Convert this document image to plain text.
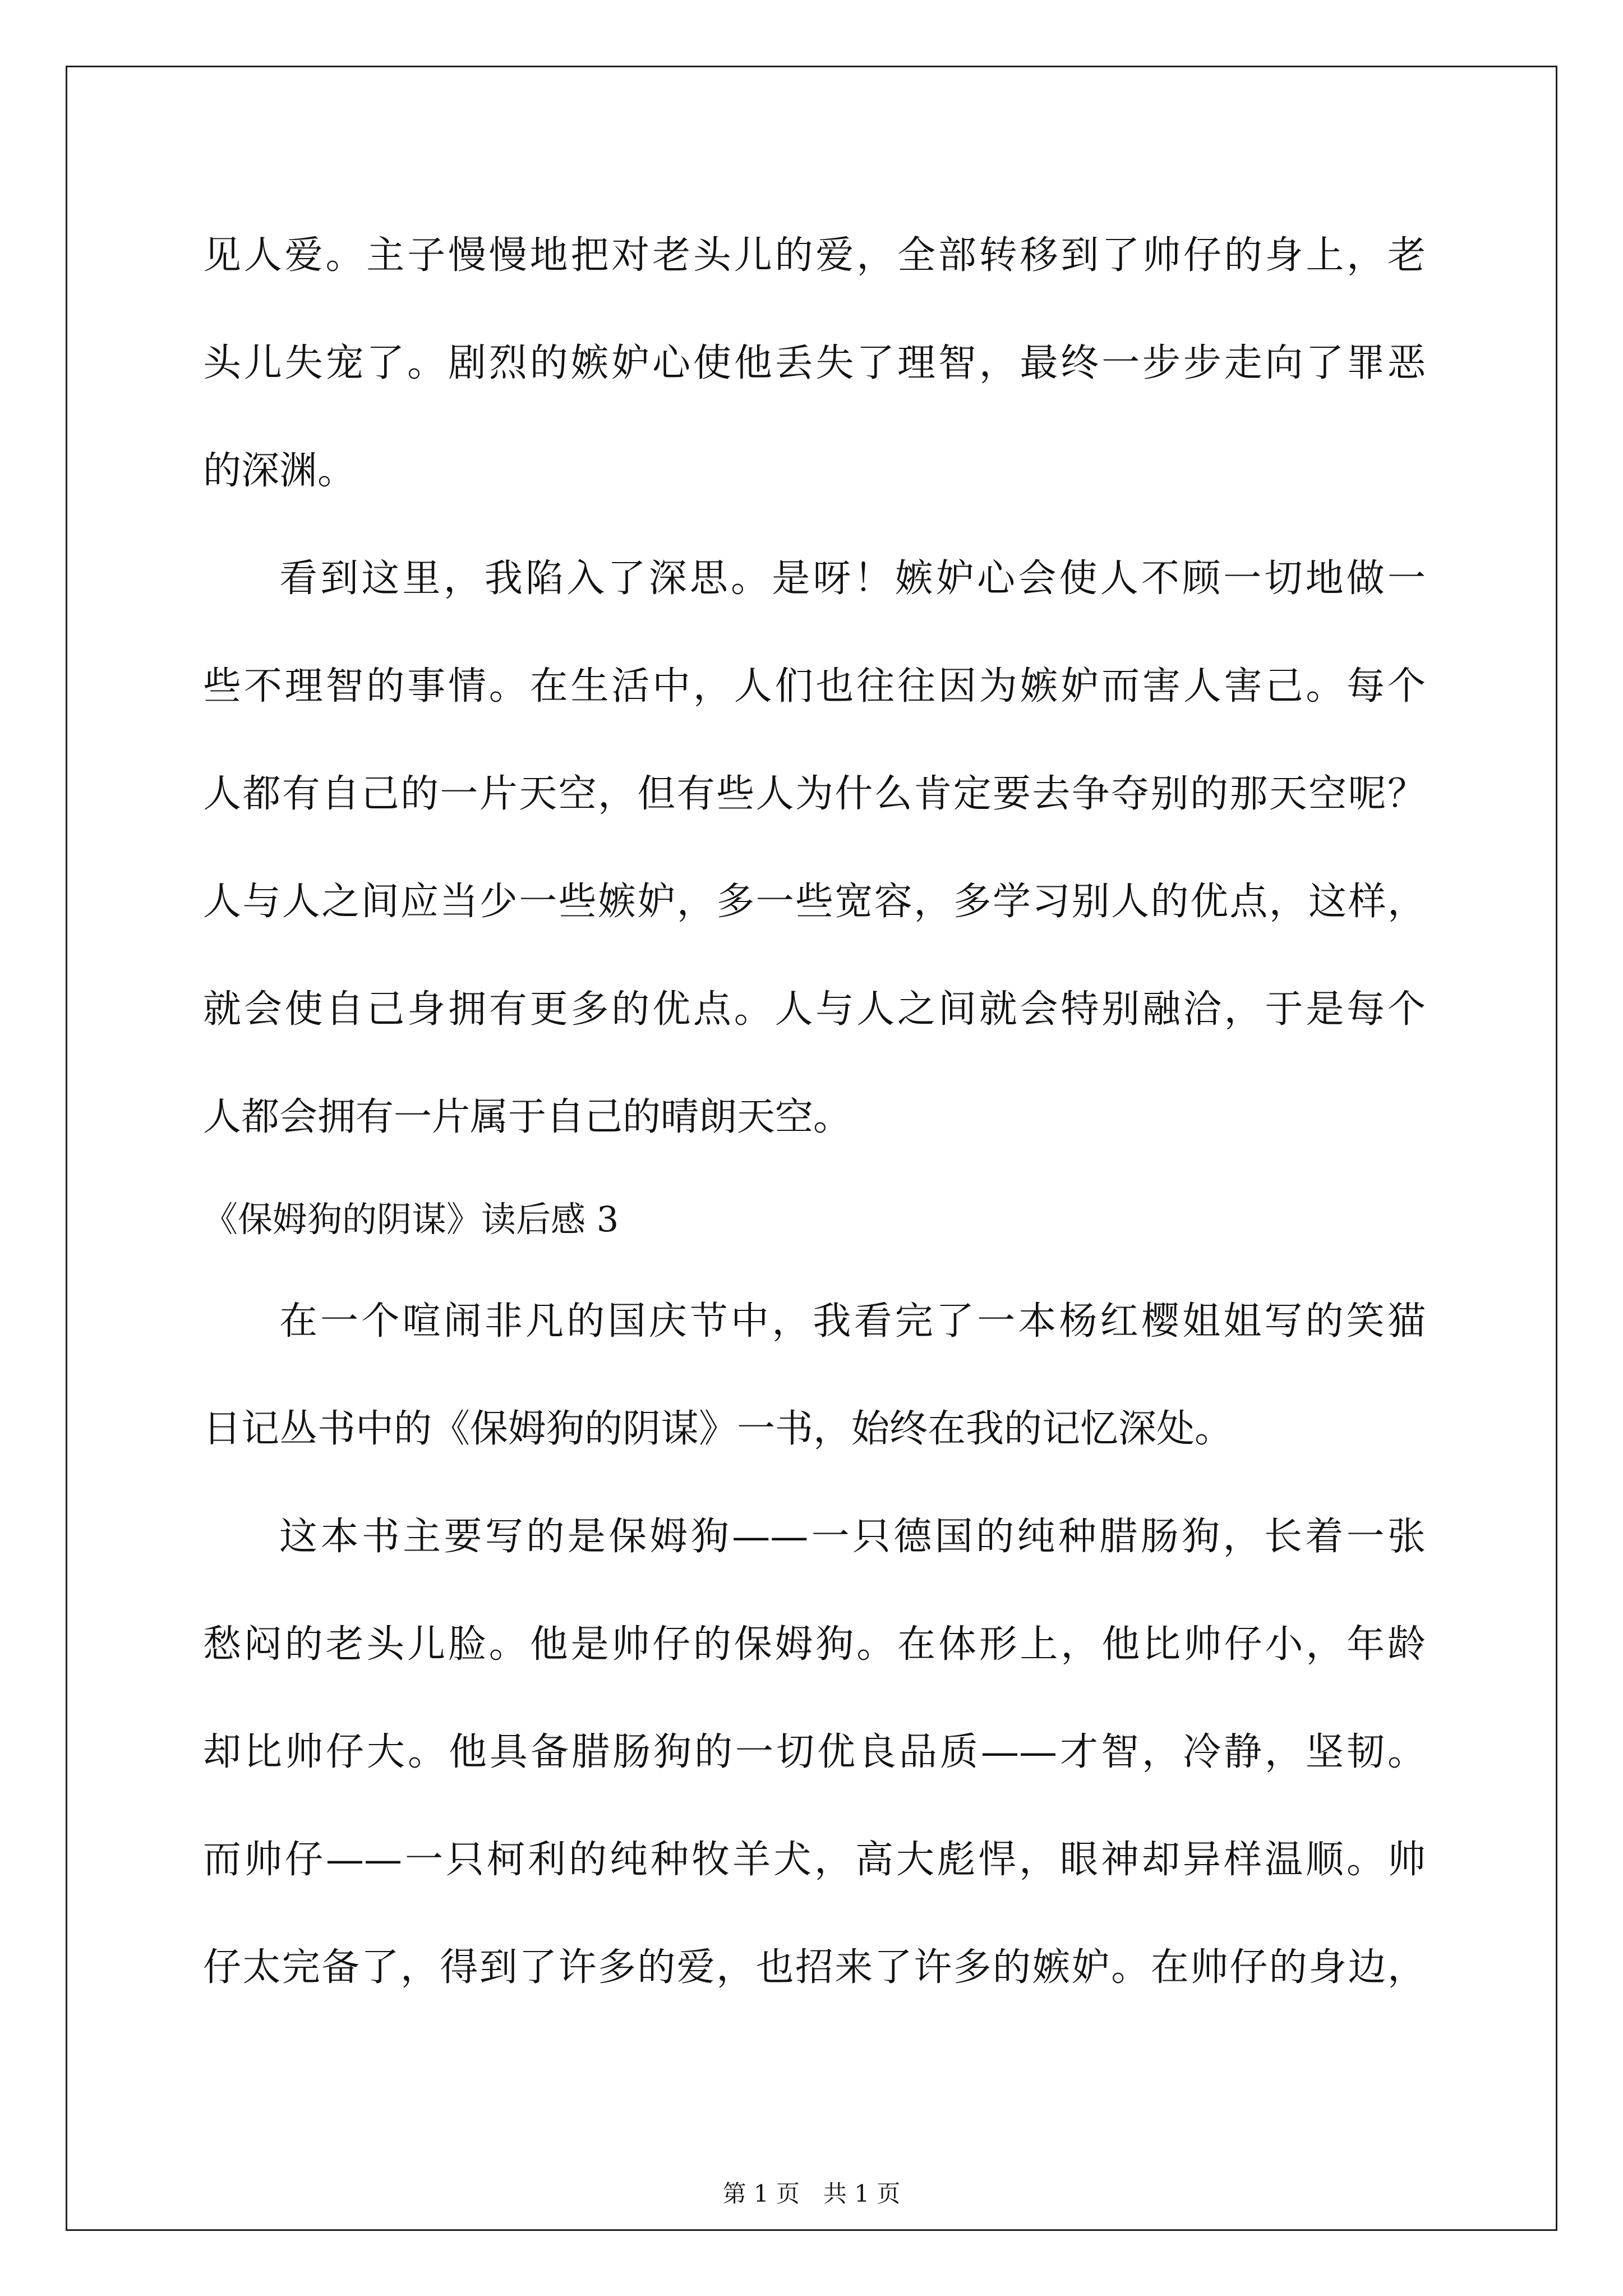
见人爱。主子慢慢地把对老头儿的爱，全部转移到了帅仔的身上，老
头儿失宠了。剧烈的嫉妒心使他丢失了理智，最终一步步走向了罪恶
的深渊。
看到这里，我陷入了深思。是呀！嫉妒心会使人不顾一切地做一
些不理智的事情。在生活中，人们也往往因为嫉妒而害人害己。每个
人都有自己的一片天空，但有些人为什么肯定要去争夺别的那天空呢？
人与人之间应当少一些嫉妒，多一些宽容，多学习别人的优点，这样，
就会使自己身拥有更多的优点。人与人之间就会特别融洽，于是每个
人都会拥有一片属于自己的晴朗天空。
《保姆狗的阴谋》读后感 3
在一个喧闹非凡的国庆节中，我看完了一本杨红樱姐姐写的笑猫
日记丛书中的《保姆狗的阴谋》一书，始终在我的记忆深处。
这本书主要写的是保姆狗——一只德国的纯种腊肠狗，长着一张
愁闷的老头儿脸。他是帅仔的保姆狗。在体形上，他比帅仔小，年龄
却比帅仔大。他具备腊肠狗的一切优良品质——才智，冷静，坚韧。
而帅仔——一只柯利的纯种牧羊犬，高大彪悍，眼神却异样温顺。帅
仔太完备了，得到了许多的爱，也招来了许多的嫉妒。在帅仔的身边，
第 1 页　共 1 页
